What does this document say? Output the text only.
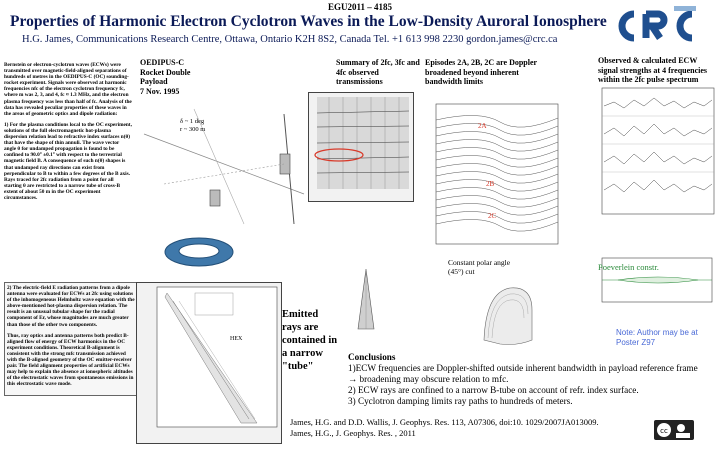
EGU2011 – 4185
Properties of Harmonic Electron Cyclotron Waves in the Low-Density Auroral Ionosphere
H.G. James, Communications Research Centre, Ottawa, Ontario K2H 8S2, Canada Tel. +1 613 998 2230 gordon.james@crc.ca

Bernstein or electron-cyclotron waves (ECWs) were transmitted over magnetic-field-aligned separations of hundreds of metres in the OEDIPUS-C (OC) sounding-rocket experiment. Signals were observed at harmonic frequencies nfc of the electron cyclotron frequency fc, where m was 2, 3, and 4, fc ≈ 1.3 MHz, and the electron plasma frequency was less than half of fc. Analysis of the data has revealed peculiar properties of these waves in the areas of geometric optics and dipole radiation:

1) For the plasma conditions local to the OC experiment, solutions of the full electromagnetic hot-plasma dispersion relation lead to refractive index surfaces n(θ) that have the shape of thin annuli. The wave vector angle θ for undamped propagation is found to be confined to 90.0° ±0.1° with respect to the terrestrial magnetic field B. A consequence of such n(θ) shapes is that undamped ray directions can exist from perpendicular to B to within a few degrees of the B axis. Rays traced for 2fc radiation from a point for all starting θ are restricted to a narrow tube of cross-B extent of about 50 m in the OC experiment circumstances.

2) The electric-field E radiation patterns from a dipole antenna were evaluated for ECWs at 2fc using solutions of the inhomogeneous Helmholtz wave equation with the above-mentioned hot-plasma dispersion relation. The result is an unusual tubular shape for the radial component of Er, whose magnitudes are much greater than those of the other two components.

Thus, ray optics and antenna patterns both predict B-aligned flow of energy of ECW harmonics in the OC experiment conditions. Theoretical B-alignment is consistent with the strong mfc transmission achieved with the B-aligned geometry of the OC emitter-receiver pair. The field alignment properties of artificial ECWs may help to explain the absence at ionospheric altitudes of the electrostatic waves from spontaneous emissions in this electrostatic wave mode.

OEDIPUS-C
Rocket Double
Payload
7 Nov. 1995
δ ~ 1 deg
r ~ 300 m
Summary of 2fc, 3fc and 4fc observed transmissions
Episodes 2A, 2B, 2C are Doppler broadened beyond inherent bandwidth limits
2A
2B
2C
Observed & calculated ECW signal strengths at 4 frequencies within the 2fc pulse spectrum
HEX
Emitted rays are contained in a narrow "tube"
Constant polar angle (45°) cut	Poeverlein constr.
Note: Author may be at Poster Z97
Conclusions
1)ECW frequencies are Doppler-shifted outside inherent bandwidth in payload reference frame → broadening may obscure relation to mfc.
2) ECW rays are confined to a narrow B-tube on account of refr. index surface.
3) Cyclotron damping limits ray paths to hundreds of meters.
James, H.G. and D.D. Wallis, J. Geophys. Res. 113, A07306, doi:10. 1029/2007JA013009.
James, H.G., J. Geophys. Res. , 2011	cc
